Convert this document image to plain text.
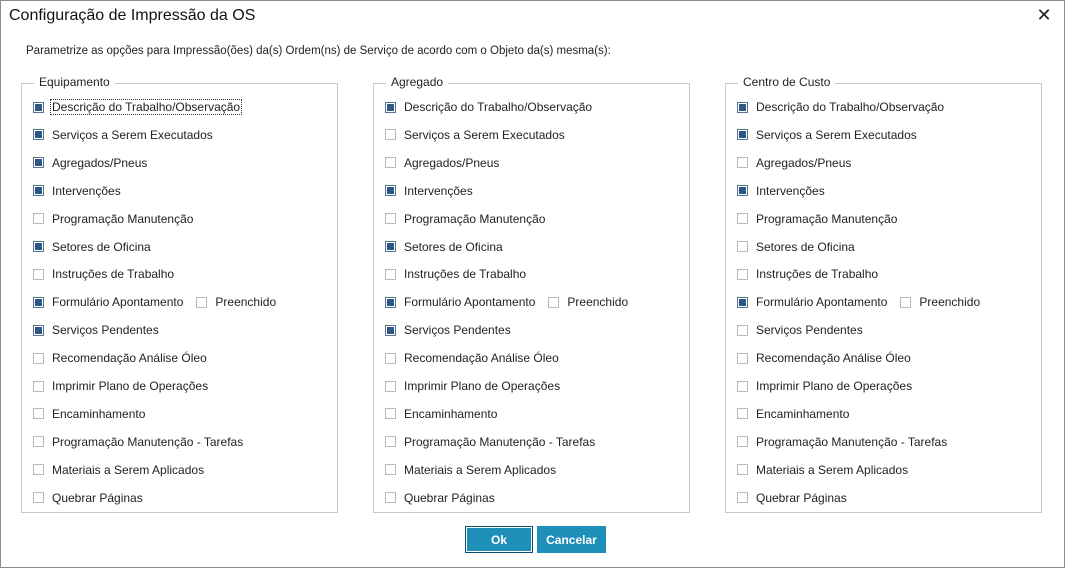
Configuração de Impressão da OS	✕
Parametrize as opções para Impressão(ões) da(s) Ordem(ns) de Serviço de acordo com o Objeto da(s) mesma(s):
Equipamento
Descrição do Trabalho/Observação
Serviços a Serem Executados
Agregados/Pneus
Intervenções
Programação Manutenção
Setores de Oficina
Instruções de Trabalho
Formulário Apontamento	Preenchido
Serviços Pendentes
Recomendação Análise Óleo
Imprimir Plano de Operações
Encaminhamento
Programação Manutenção - Tarefas
Materiais a Serem Aplicados
Quebrar Páginas
Agregado
Descrição do Trabalho/Observação
Serviços a Serem Executados
Agregados/Pneus
Intervenções
Programação Manutenção
Setores de Oficina
Instruções de Trabalho
Formulário Apontamento	Preenchido
Serviços Pendentes
Recomendação Análise Óleo
Imprimir Plano de Operações
Encaminhamento
Programação Manutenção - Tarefas
Materiais a Serem Aplicados
Quebrar Páginas
Centro de Custo
Descrição do Trabalho/Observação
Serviços a Serem Executados
Agregados/Pneus
Intervenções
Programação Manutenção
Setores de Oficina
Instruções de Trabalho
Formulário Apontamento	Preenchido
Serviços Pendentes
Recomendação Análise Óleo
Imprimir Plano de Operações
Encaminhamento
Programação Manutenção - Tarefas
Materiais a Serem Aplicados
Quebrar Páginas
Ok	Cancelar
